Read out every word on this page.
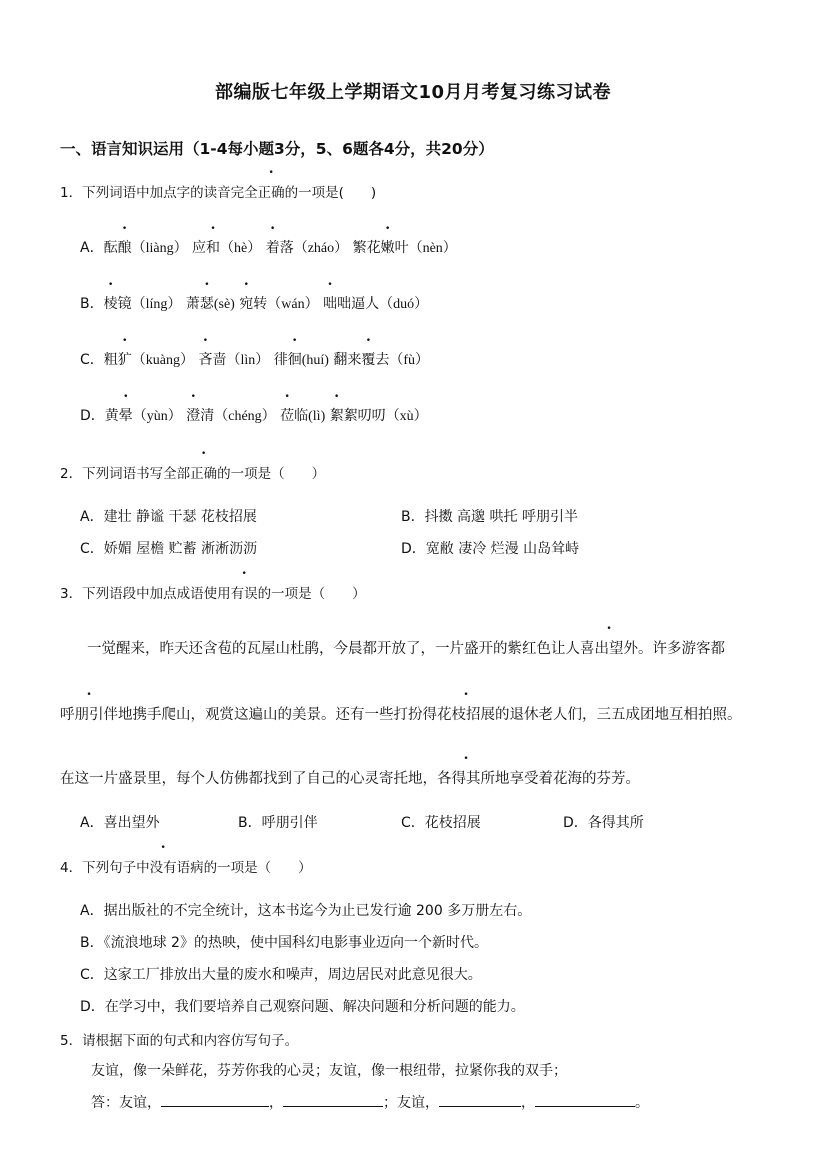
部编版七年级上学期语文10月月考复习练习试卷
一、语言知识运用（1-4每小题3分，5、6题各4分，共20分）
1．下列词语中加点字的读音完全正确的一项是(　　)
A．酝酿（liàng） 应和（hè） 着落（zháo） 繁花嫩叶（nèn）
B．棱镜（líng） 萧瑟(sè) 宛转（wán） 咄咄逼人（duó）
C．粗犷（kuàng） 吝啬（lìn） 徘徊(huí) 翻来覆去（fù）
D．黄晕（yùn） 澄清（chéng） 莅临(lì) 絮絮叨叨（xù）
2．下列词语书写全部正确的一项是（　　）
A．建壮 静谧 干瑟 花枝招展	B．抖擞 高邈 哄托 呼朋引半
C．娇媚 屋檐 贮蓄 淅淅沥沥	D．宽敝 凄冷 烂漫 山岛耸峙
3．下列语段中加点成语使用有误的一项是（　　）
一觉醒来，昨天还含苞的瓦屋山杜鹃，今晨都开放了，一片盛开的紫红色让人喜出望外。许多游客都
呼朋引伴地携手爬山，观赏这遍山的美景。还有一些打扮得花枝招展的退休老人们，三五成团地互相拍照。
在这一片盛景里，每个人仿佛都找到了自己的心灵寄托地，各得其所地享受着花海的芬芳。
A．喜出望外	B．呼朋引伴	C．花枝招展	D．各得其所
4．下列句子中没有语病的一项是（　　）
A．据出版社的不完全统计，这本书迄今为止已发行逾 200 多万册左右。
B．《流浪地球 2》的热映，使中国科幻电影事业迈向一个新时代。
C．这家工厂排放出大量的废水和噪声，周边居民对此意见很大。
D．在学习中，我们要培养自己观察问题、解决问题和分析问题的能力。
5．请根据下面的句式和内容仿写句子。
友谊，像一朵鲜花，芬芳你我的心灵；友谊，像一根纽带，拉紧你我的双手；
答：友谊，	，	；友谊，	，	。
